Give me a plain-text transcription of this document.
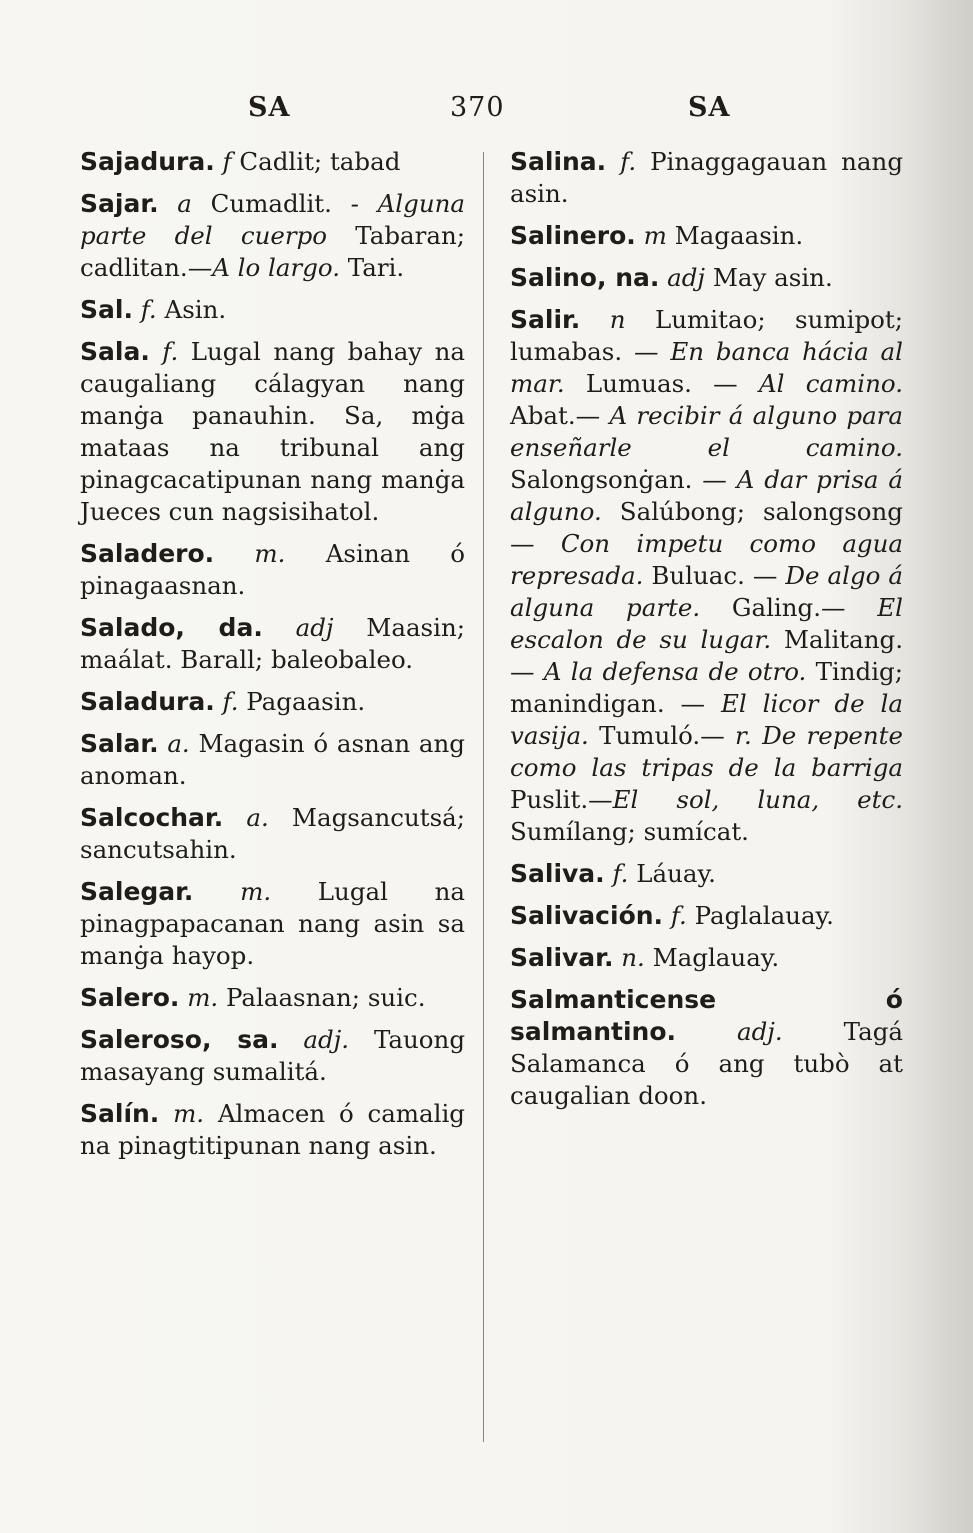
SA	370	SA
Sajadura. f Cadlit; tabad
Sajar. a Cumadlit. - Alguna parte del cuerpo Tabaran; cadlitan.—A lo largo. Tari.
Sal. f. Asin.
Sala. f. Lugal nang bahay na caugaliang cálagyan nang manġa panauhin. Sa, mġa mataas na tribunal ang pinagcacatipunan nang manġa Jueces cun nagsisihatol.
Saladero. m. Asinan ó pinagaasnan.
Salado, da. adj Maasin; maálat. Barall; baleobaleo.
Saladura. f. Pagaasin.
Salar. a. Magasin ó asnan ang anoman.
Salcochar. a. Magsancutsá; sancutsahin.
Salegar. m. Lugal na pinagpapacanan nang asin sa manġa hayop.
Salero. m. Palaasnan; suic.
Saleroso, sa. adj. Tauong masayang sumalitá.
Salín. m. Almacen ó camalig na pinagtitipunan nang asin.
Salina. f. Pinaggagauan nang asin.
Salinero. m Magaasin.
Salino, na. adj May asin.
Salir. n Lumitao; sumipot; lumabas. — En banca hácia al mar. Lumuas. — Al camino. Abat.— A recibir á alguno para enseñarle el camino. Salongsonġan. — A dar prisa á alguno. Salúbong; salongsong — Con impetu como agua represada. Buluac. — De algo á alguna parte. Galing.— El escalon de su lugar. Malitang.— A la defensa de otro. Tindig; manindigan. — El licor de la vasija. Tumuló.— r. De repente como las tripas de la barriga Puslit.—El sol, luna, etc. Sumílang; sumícat.
Saliva. f. Láuay.
Salivación. f. Paglalauay.
Salivar. n. Maglauay.
Salmanticense ó salmantino. adj. Tagá Salamanca ó ang tubò at caugalian doon.
